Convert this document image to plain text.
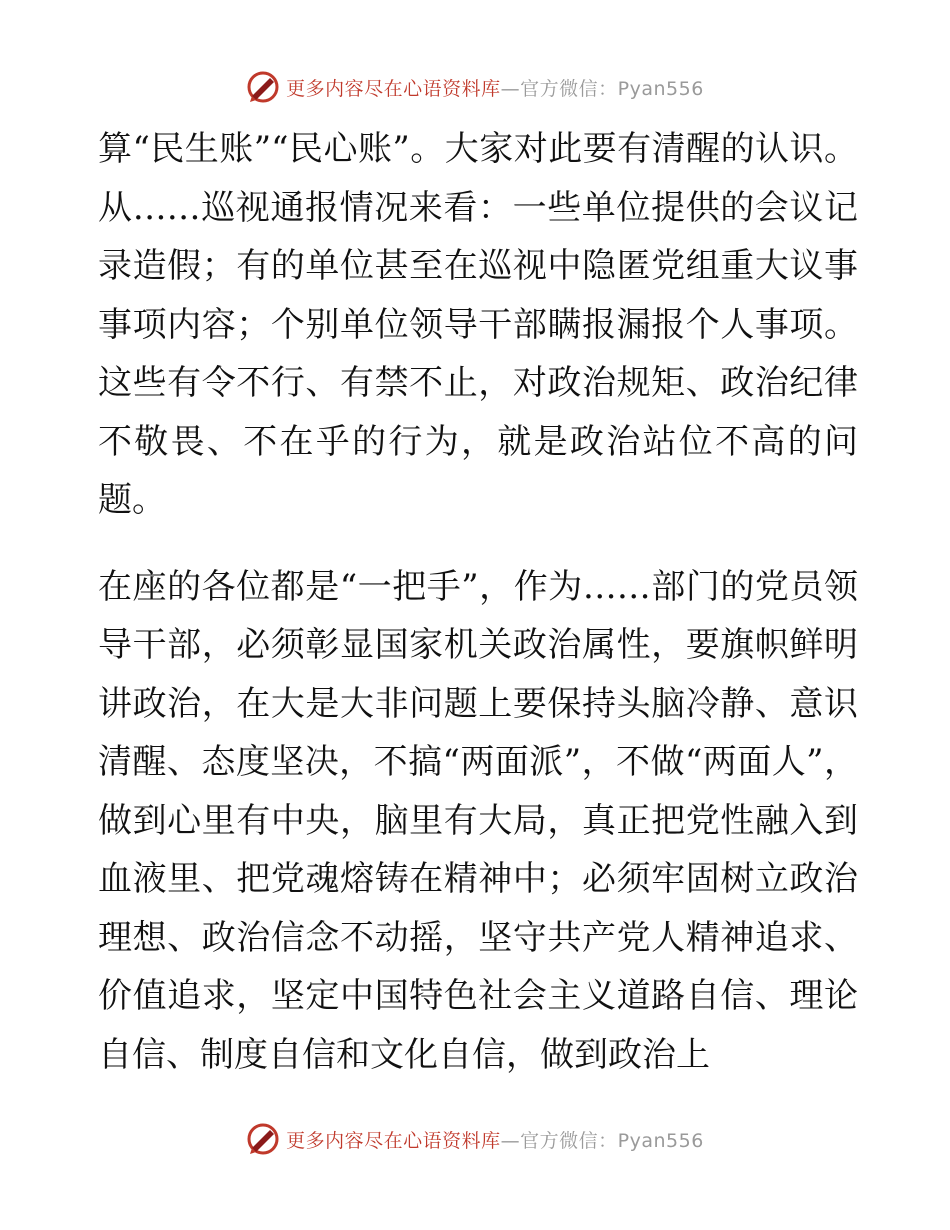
更多内容尽在心语资料库—官方微信：Pyan556

算“民生账”“民心账”。大家对此要有清醒的认识。从……巡视通报情况来看：一些单位提供的会议记录造假；有的单位甚至在巡视中隐匿党组重大议事事项内容；个别单位领导干部瞒报漏报个人事项。这些有令不行、有禁不止，对政治规矩、政治纪律不敬畏、不在乎的行为，就是政治站位不高的问题。

在座的各位都是“一把手”，作为……部门的党员领导干部，必须彰显国家机关政治属性，要旗帜鲜明讲政治，在大是大非问题上要保持头脑冷静、意识清醒、态度坚决，不搞“两面派”，不做“两面人”，做到心里有中央，脑里有大局，真正把党性融入到血液里、把党魂熔铸在精神中；必须牢固树立政治理想、政治信念不动摇，坚守共产党人精神追求、价值追求，坚定中国特色社会主义道路自信、理论自信、制度自信和文化自信，做到政治上

更多内容尽在心语资料库—官方微信：Pyan556
